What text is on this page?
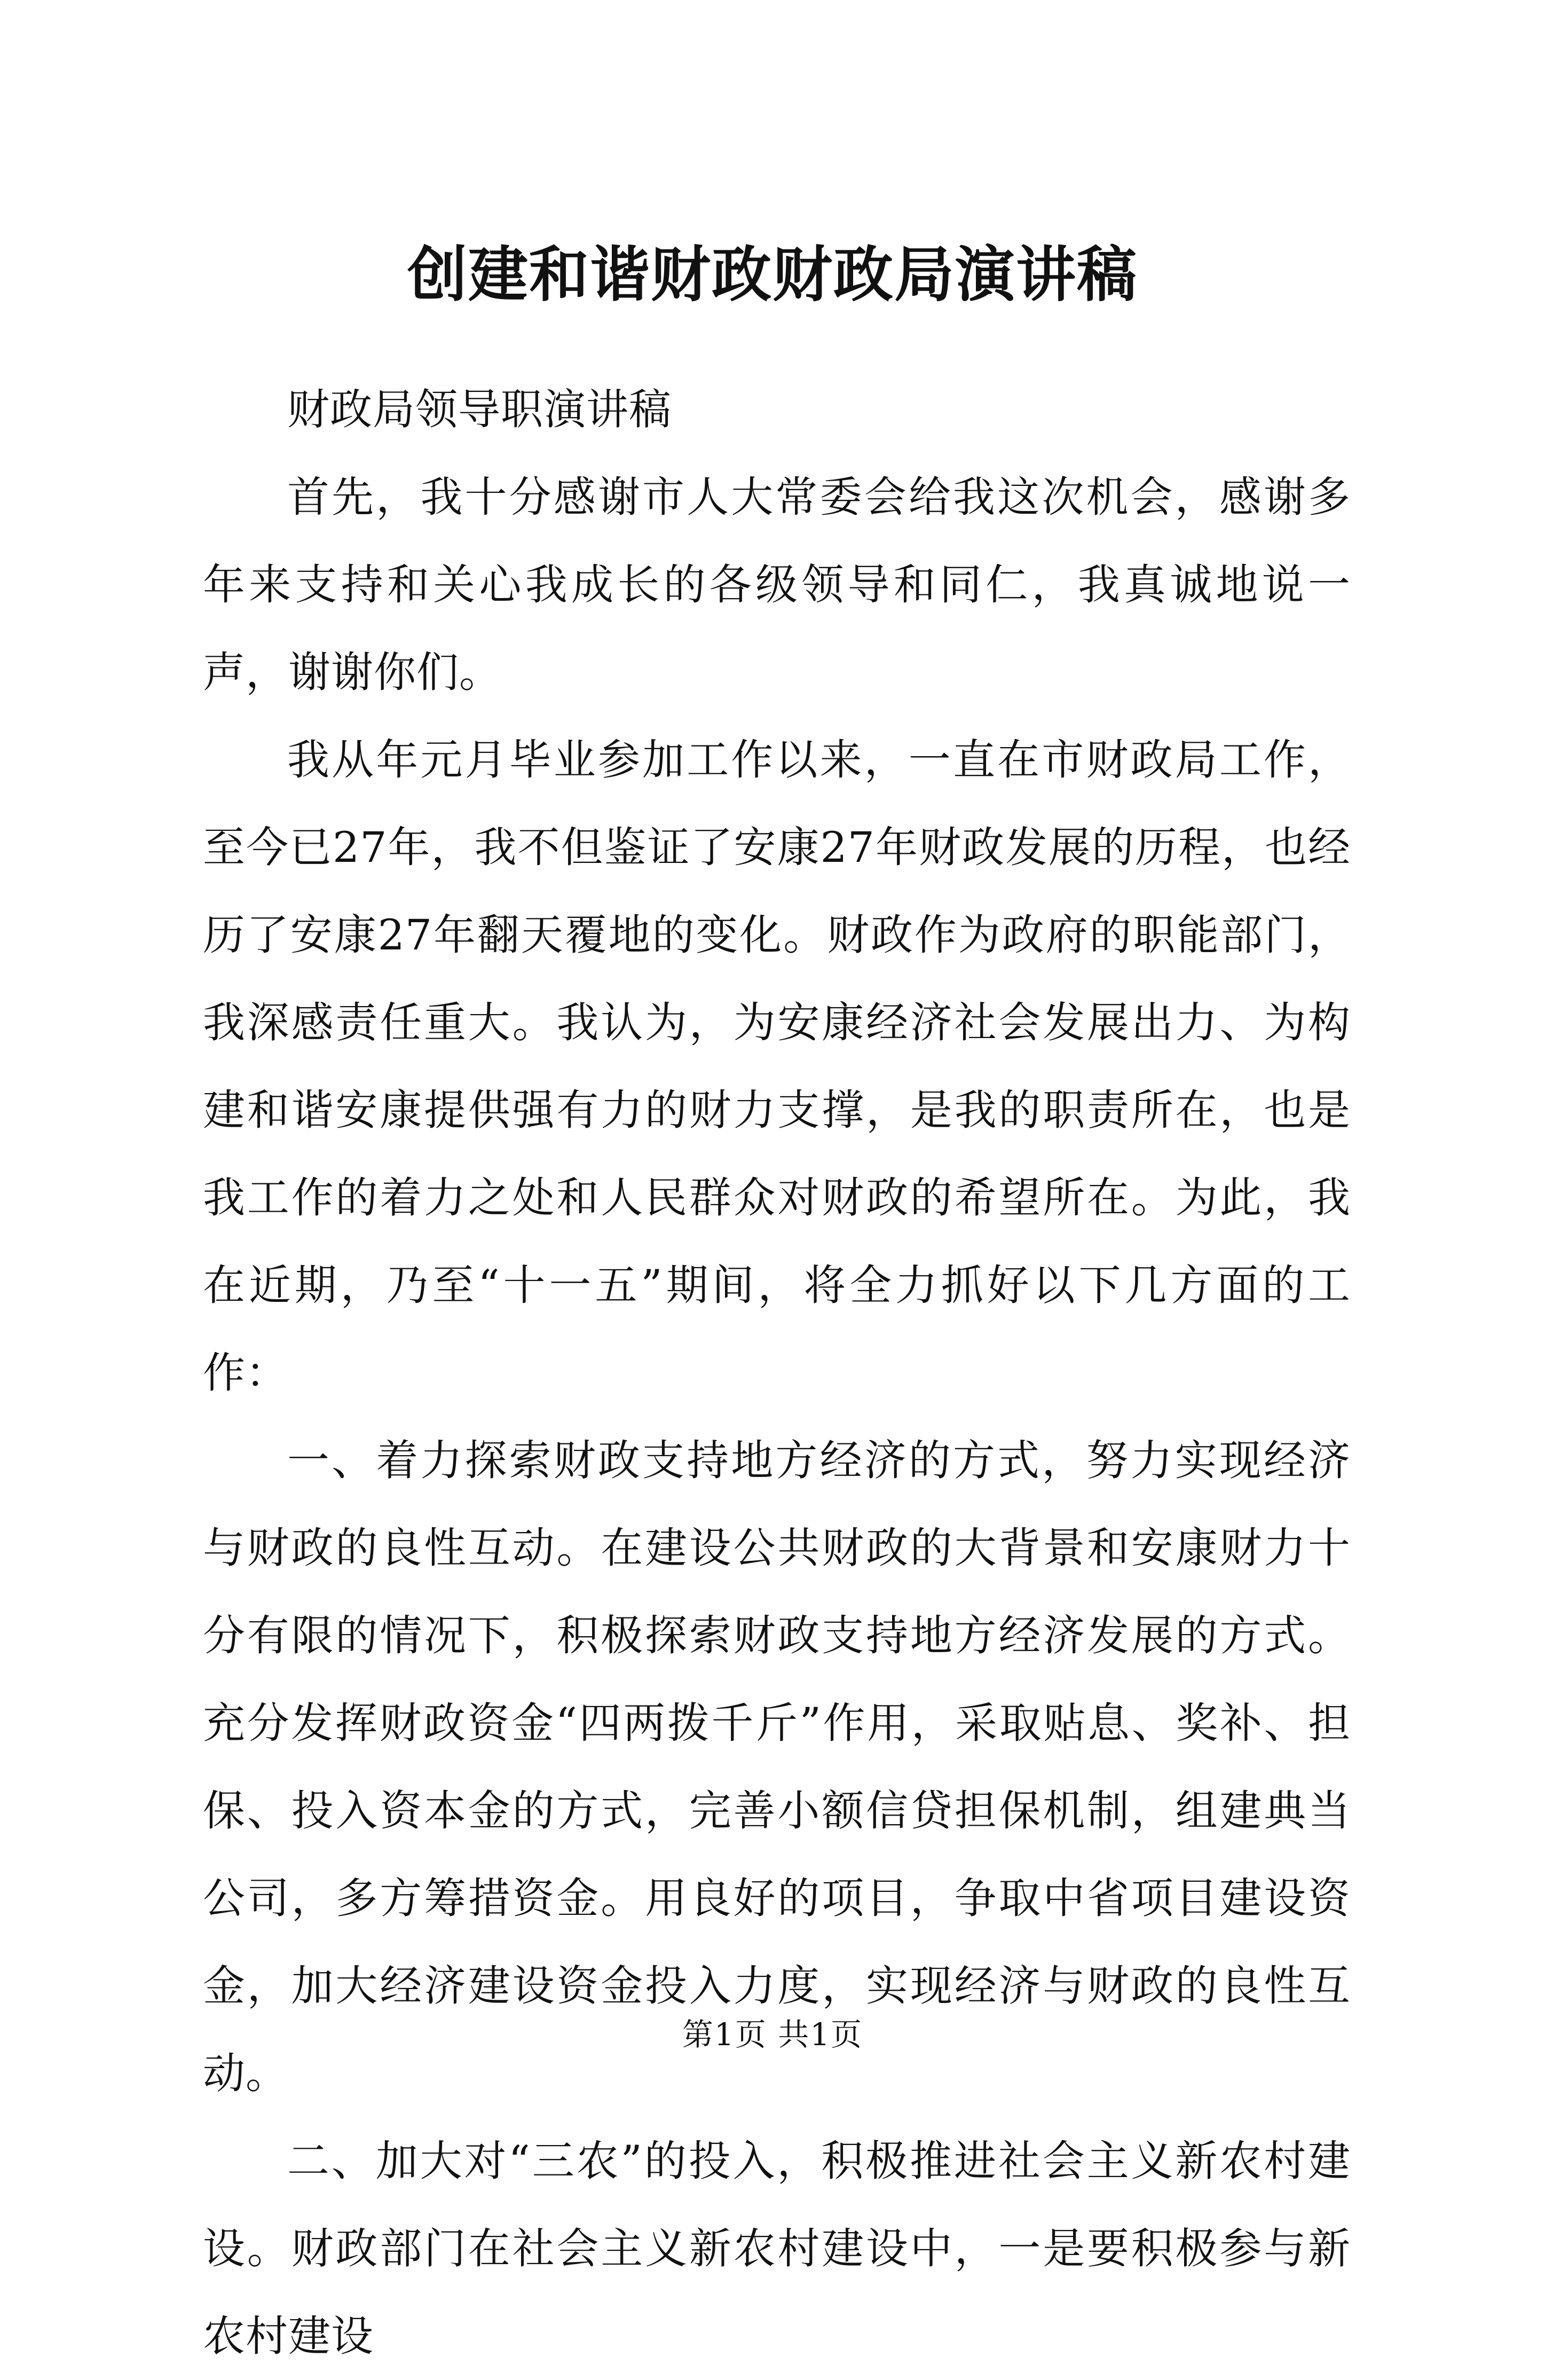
创建和谐财政财政局演讲稿

财政局领导职演讲稿

首先，我十分感谢市人大常委会给我这次机会，感谢多年来支持和关心我成长的各级领导和同仁，我真诚地说一声，谢谢你们。

我从年元月毕业参加工作以来，一直在市财政局工作，至今已27年，我不但鉴证了安康27年财政发展的历程，也经历了安康27年翻天覆地的变化。财政作为政府的职能部门，我深感责任重大。我认为，为安康经济社会发展出力、为构建和谐安康提供强有力的财力支撑，是我的职责所在，也是我工作的着力之处和人民群众对财政的希望所在。为此，我在近期，乃至“十一五”期间，将全力抓好以下几方面的工作：

一、着力探索财政支持地方经济的方式，努力实现经济与财政的良性互动。在建设公共财政的大背景和安康财力十分有限的情况下，积极探索财政支持地方经济发展的方式。充分发挥财政资金“四两拨千斤”作用，采取贴息、奖补、担保、投入资本金的方式，完善小额信贷担保机制，组建典当公司，多方筹措资金。用良好的项目，争取中省项目建设资金，加大经济建设资金投入力度，实现经济与财政的良性互动。

二、加大对“三农”的投入，积极推进社会主义新农村建设。财政部门在社会主义新农村建设中，一是要积极参与新农村建设

第1页 共1页
